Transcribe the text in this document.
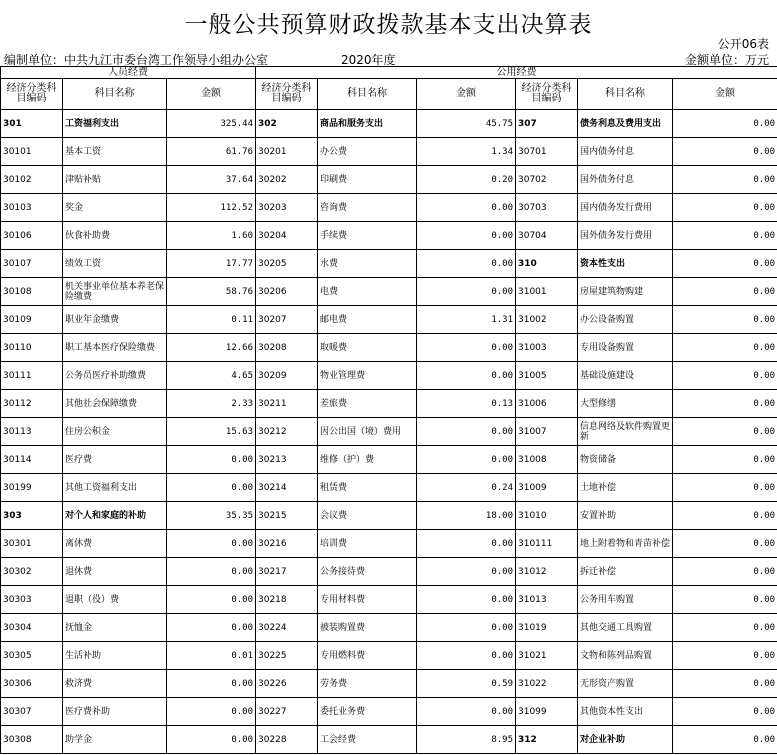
一般公共预算财政拨款基本支出决算表
公开06表
编制单位：中共九江市委台湾工作领导小组办公室	2020年度	金额单位：万元
人员经费			公用经费					
经济分类科目编码	科目名称	金额	经济分类科目编码	科目名称	金额	经济分类科目编码	科目名称	金额
301	工资福利支出	325.44	302	商品和服务支出	45.75	307	债务利息及费用支出	0.00
30101	基本工资	61.76	30201	办公费	1.34	30701	国内债务付息	0.00
30102	津贴补贴	37.64	30202	印刷费	0.20	30702	国外债务付息	0.00
30103	奖金	112.52	30203	咨询费	0.00	30703	国内债务发行费用	0.00
30106	伙食补助费	1.60	30204	手续费	0.00	30704	国外债务发行费用	0.00
30107	绩效工资	17.77	30205	水费	0.00	310	资本性支出	0.00
30108	机关事业单位基本养老保险缴费	58.76	30206	电费	0.00	31001	房屋建筑物购建	0.00
30109	职业年金缴费	0.11	30207	邮电费	1.31	31002	办公设备购置	0.00
30110	职工基本医疗保险缴费	12.66	30208	取暖费	0.00	31003	专用设备购置	0.00
30111	公务员医疗补助缴费	4.65	30209	物业管理费	0.00	31005	基础设施建设	0.00
30112	其他社会保障缴费	2.33	30211	差旅费	0.13	31006	大型修缮	0.00
30113	住房公积金	15.63	30212	因公出国（境）费用	0.00	31007	信息网络及软件购置更新	0.00
30114	医疗费	0.00	30213	维修（护）费	0.00	31008	物资储备	0.00
30199	其他工资福利支出	0.00	30214	租赁费	0.24	31009	土地补偿	0.00
303	对个人和家庭的补助	35.35	30215	会议费	18.00	31010	安置补助	0.00
30301	离休费	0.00	30216	培训费	0.00	310111	地上附着物和青苗补偿	0.00
30302	退休费	0.00	30217	公务接待费	0.00	31012	拆迁补偿	0.00
30303	退职（役）费	0.00	30218	专用材料费	0.00	31013	公务用车购置	0.00
30304	抚恤金	0.00	30224	被装购置费	0.00	31019	其他交通工具购置	0.00
30305	生活补助	0.01	30225	专用燃料费	0.00	31021	文物和陈列品购置	0.00
30306	救济费	0.00	30226	劳务费	0.59	31022	无形资产购置	0.00
30307	医疗费补助	0.00	30227	委托业务费	0.00	31099	其他资本性支出	0.00
30308	助学金	0.00	30228	工会经费	8.95	312	对企业补助	0.00
